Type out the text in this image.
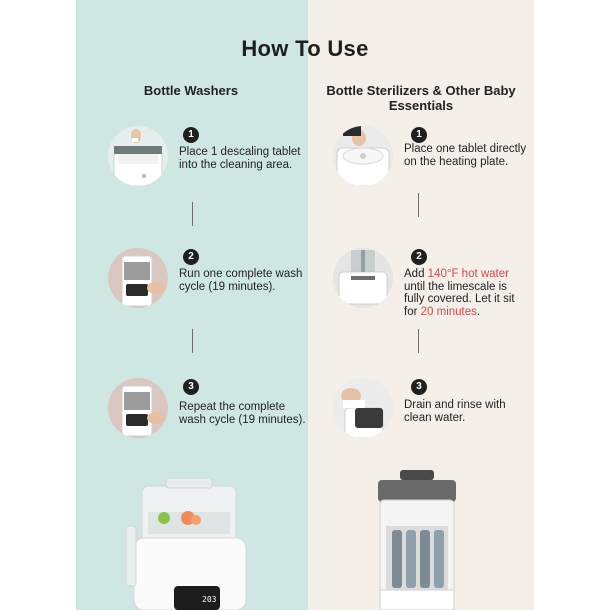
How To Use
Bottle Washers	Bottle Sterilizers & Other Baby Essentials
1
Place 1 descaling tablet into the cleaning area.
2
Run one complete wash cycle (19 minutes).
3
Repeat the complete wash cycle (19 minutes).
1
Place one tablet directly on the heating plate.
2
Add 140°F hot water until the limescale is fully covered. Let it sit for 20 minutes.
3
Drain and rinse with clean water.
203
